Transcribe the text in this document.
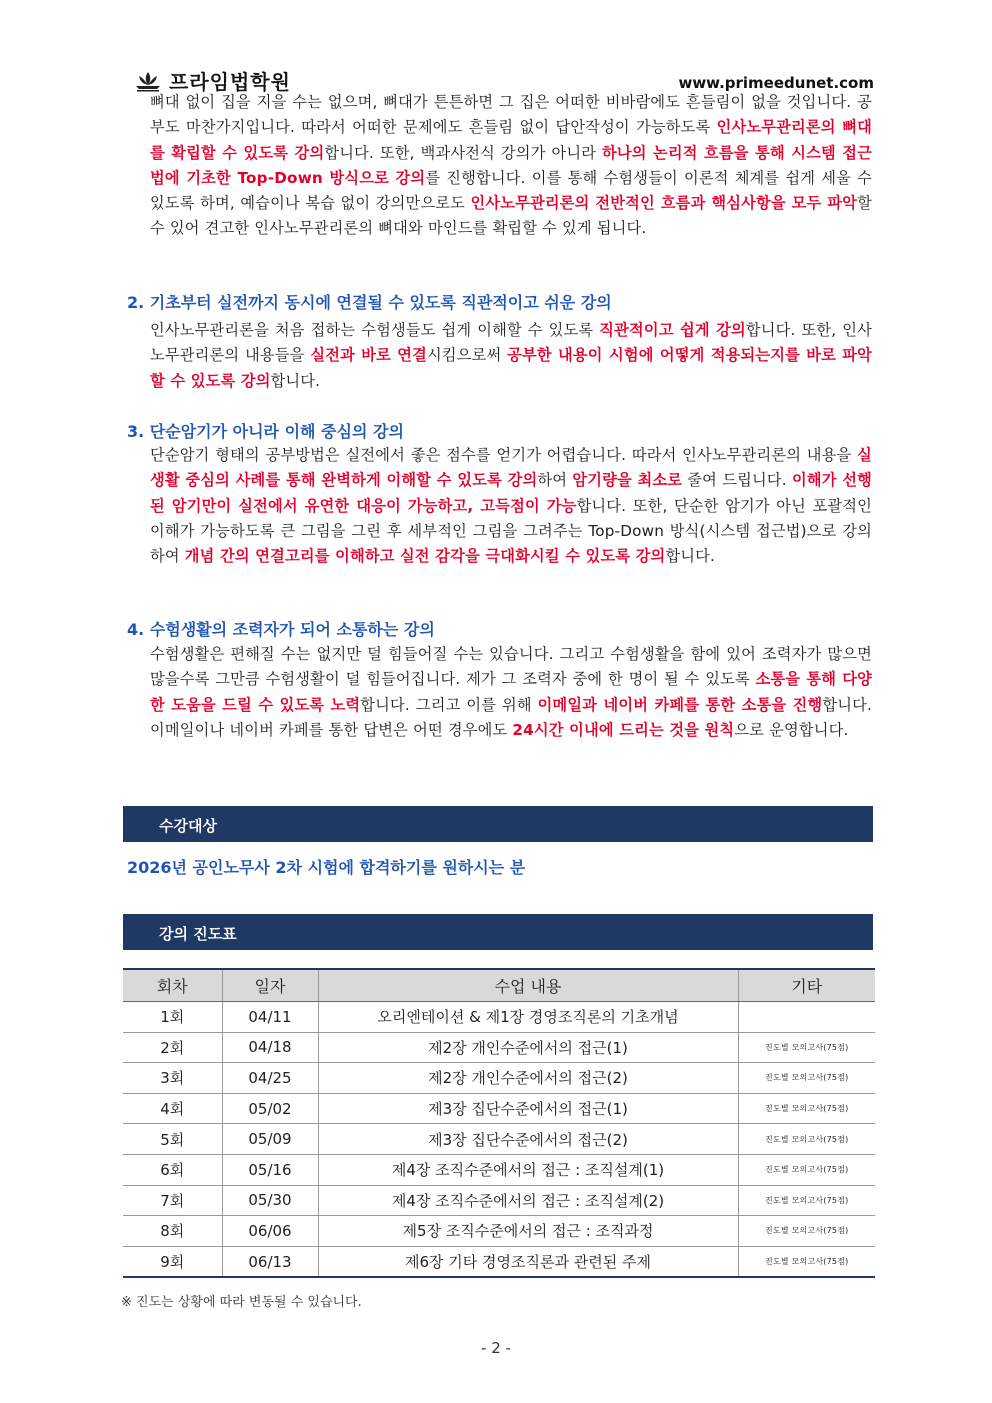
프라임법학원	www.primeedunet.com
뼈대 없이 집을 지을 수는 없으며, 뼈대가 튼튼하면 그 집은 어떠한 비바람에도 흔들림이 없을 것입니다. 공부도 마찬가지입니다. 따라서 어떠한 문제에도 흔들림 없이 답안작성이 가능하도록 인사노무관리론의 뼈대를 확립할 수 있도록 강의합니다. 또한, 백과사전식 강의가 아니라 하나의 논리적 흐름을 통해 시스템 접근법에 기초한 Top-Down 방식으로 강의를 진행합니다. 이를 통해 수험생들이 이론적 체계를 쉽게 세울 수 있도록 하며, 예습이나 복습 없이 강의만으로도 인사노무관리론의 전반적인 흐름과 핵심사항을 모두 파악할 수 있어 견고한 인사노무관리론의 뼈대와 마인드를 확립할 수 있게 됩니다.
2. 기초부터 실전까지 동시에 연결될 수 있도록 직관적이고 쉬운 강의
인사노무관리론을 처음 접하는 수험생들도 쉽게 이해할 수 있도록 직관적이고 쉽게 강의합니다. 또한, 인사노무관리론의 내용들을 실전과 바로 연결시킴으로써 공부한 내용이 시험에 어떻게 적용되는지를 바로 파악할 수 있도록 강의합니다.
3. 단순암기가 아니라 이해 중심의 강의
단순암기 형태의 공부방법은 실전에서 좋은 점수를 얻기가 어렵습니다. 따라서 인사노무관리론의 내용을 실생활 중심의 사례를 통해 완벽하게 이해할 수 있도록 강의하여 암기량을 최소로 줄여 드립니다. 이해가 선행된 암기만이 실전에서 유연한 대응이 가능하고, 고득점이 가능합니다. 또한, 단순한 암기가 아닌 포괄적인 이해가 가능하도록 큰 그림을 그린 후 세부적인 그림을 그려주는 Top-Down 방식(시스템 접근법)으로 강의하여 개념 간의 연결고리를 이해하고 실전 감각을 극대화시킬 수 있도록 강의합니다.
4. 수험생활의 조력자가 되어 소통하는 강의
수험생활은 편해질 수는 없지만 덜 힘들어질 수는 있습니다. 그리고 수험생활을 함에 있어 조력자가 많으면 많을수록 그만큼 수험생활이 덜 힘들어집니다. 제가 그 조력자 중에 한 명이 될 수 있도록 소통을 통해 다양한 도움을 드릴 수 있도록 노력합니다. 그리고 이를 위해 이메일과 네이버 카페를 통한 소통을 진행합니다. 이메일이나 네이버 카페를 통한 답변은 어떤 경우에도 24시간 이내에 드리는 것을 원칙으로 운영합니다.
수강대상
2026년 공인노무사 2차 시험에 합격하기를 원하시는 분
강의 진도표
회차	일자	수업 내용	기타
1회	04/11	오리엔테이션 & 제1장 경영조직론의 기초개념	
2회	04/18	제2장 개인수준에서의 접근(1)	진도별 모의고사(75점)
3회	04/25	제2장 개인수준에서의 접근(2)	진도별 모의고사(75점)
4회	05/02	제3장 집단수준에서의 접근(1)	진도별 모의고사(75점)
5회	05/09	제3장 집단수준에서의 접근(2)	진도별 모의고사(75점)
6회	05/16	제4장 조직수준에서의 접근 : 조직설계(1)	진도별 모의고사(75점)
7회	05/30	제4장 조직수준에서의 접근 : 조직설계(2)	진도별 모의고사(75점)
8회	06/06	제5장 조직수준에서의 접근 : 조직과정	진도별 모의고사(75점)
9회	06/13	제6장 기타 경영조직론과 관련된 주제	진도별 모의고사(75점)
※ 진도는 상황에 따라 변동될 수 있습니다.
- 2 -
